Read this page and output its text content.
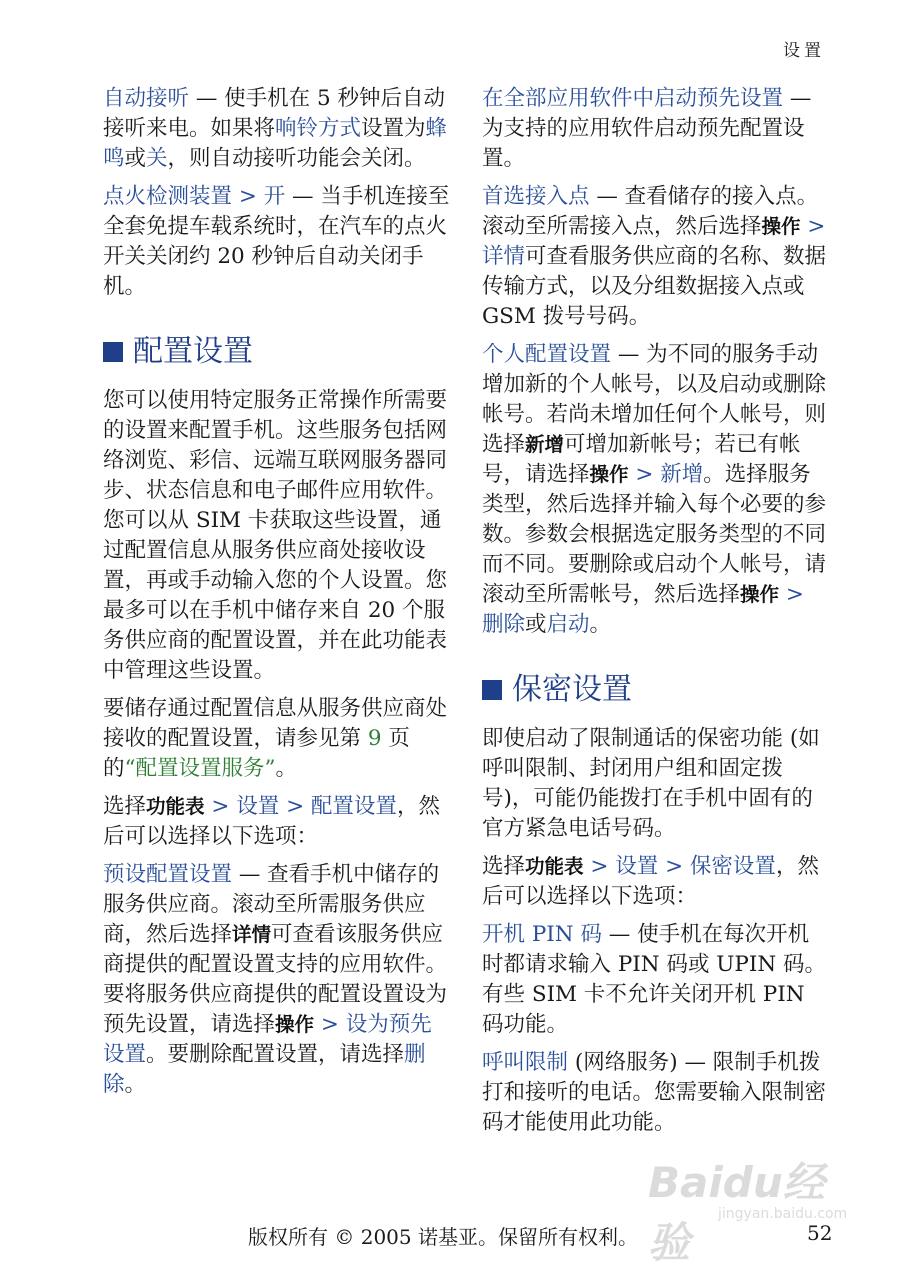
设置

自动接听 — 使手机在 5 秒钟后自动接听来电。如果将响铃方式设置为蜂鸣或关，则自动接听功能会关闭。

点火检测装置 > 开 — 当手机连接至全套免提车载系统时，在汽车的点火开关关闭约 20 秒钟后自动关闭手机。

配置设置

您可以使用特定服务正常操作所需要的设置来配置手机。这些服务包括网络浏览、彩信、远端互联网服务器同步、状态信息和电子邮件应用软件。您可以从 SIM 卡获取这些设置，通过配置信息从服务供应商处接收设置，再或手动输入您的个人设置。您最多可以在手机中储存来自 20 个服务供应商的配置设置，并在此功能表中管理这些设置。

要储存通过配置信息从服务供应商处接收的配置设置，请参见第 9 页的“配置设置服务”。

选择功能表 > 设置 > 配置设置，然后可以选择以下选项：

预设配置设置 — 查看手机中储存的服务供应商。滚动至所需服务供应商，然后选择详情可查看该服务供应商提供的配置设置支持的应用软件。要将服务供应商提供的配置设置设为预先设置，请选择操作 > 设为预先设置。要删除配置设置，请选择删除。

在全部应用软件中启动预先设置 — 为支持的应用软件启动预先配置设置。

首选接入点 — 查看储存的接入点。滚动至所需接入点，然后选择操作 > 详情可查看服务供应商的名称、数据传输方式，以及分组数据接入点或 GSM 拨号号码。

个人配置设置 — 为不同的服务手动增加新的个人帐号，以及启动或删除帐号。若尚未增加任何个人帐号，则选择新增可增加新帐号；若已有帐号，请选择操作 > 新增。选择服务类型，然后选择并输入每个必要的参数。参数会根据选定服务类型的不同而不同。要删除或启动个人帐号，请滚动至所需帐号，然后选择操作 > 删除或启动。

保密设置

即使启动了限制通话的保密功能 (如呼叫限制、封闭用户组和固定拨号)，可能仍能拨打在手机中固有的官方紧急电话号码。

选择功能表 > 设置 > 保密设置，然后可以选择以下选项：

开机 PIN 码 — 使手机在每次开机时都请求输入 PIN 码或 UPIN 码。有些 SIM 卡不允许关闭开机 PIN 码功能。

呼叫限制 (网络服务) — 限制手机拨打和接听的电话。您需要输入限制密码才能使用此功能。

Baidu经验
jingyan.baidu.com
版权所有 © 2005 诺基亚。保留所有权利。	52
